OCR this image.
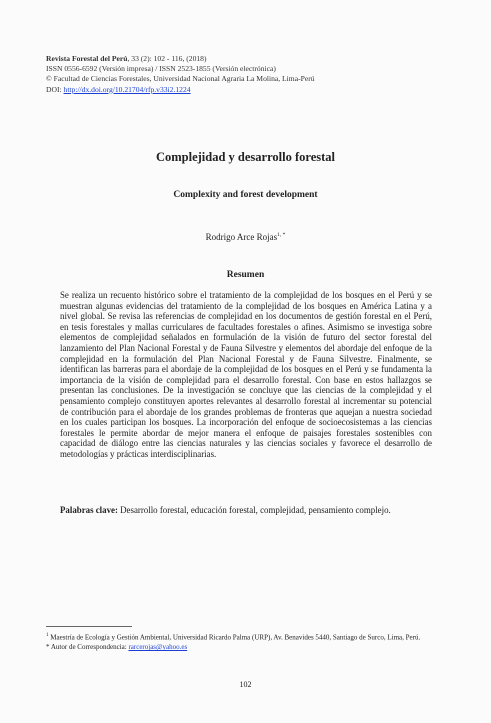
Revista Forestal del Perú, 33 (2): 102 - 116, (2018)
ISSN 0556-6592 (Versión impresa) / ISSN 2523-1855 (Versión electrónica)
© Facultad de Ciencias Forestales, Universidad Nacional Agraria La Molina, Lima-Perú
DOI: http://dx.doi.org/10.21704/rfp.v33i2.1224
Complejidad y desarrollo forestal
Complexity and forest development
Rodrigo Arce Rojas$^{1, *}$
Resumen

Se realiza un recuento histórico sobre el tratamiento de la complejidad de los bosques en el Perú y se muestran algunas evidencias del tratamiento de la complejidad de los bosques en América Latina y a nivel global. Se revisa las referencias de complejidad en los documentos de gestión forestal en el Perú, en tesis forestales y mallas curriculares de facultades forestales o afines. Asimismo se investiga sobre elementos de complejidad señalados en formulación de la visión de futuro del sector forestal del lanzamiento del Plan Nacional Forestal y de Fauna Silvestre y elementos del abordaje del enfoque de la complejidad en la formulación del Plan Nacional Forestal y de Fauna Silvestre. Finalmente, se identifican las barreras para el abordaje de la complejidad de los bosques en el Perú y se fundamenta la importancia de la visión de complejidad para el desarrollo forestal. Con base en estos hallazgos se presentan las conclusiones. De la investigación se concluye que las ciencias de la complejidad y el pensamiento complejo constituyen aportes relevantes al desarrollo forestal al incrementar su potencial de contribución para el abordaje de los grandes problemas de fronteras que aquejan a nuestra sociedad en los cuales participan los bosques. La incorporación del enfoque de socioecosistemas a las ciencias forestales le permite abordar de mejor manera el enfoque de paisajes forestales sostenibles con capacidad de diálogo entre las ciencias naturales y las ciencias sociales y favorece el desarrollo de metodologías y prácticas interdisciplinarias.

Palabras clave: Desarrollo forestal, educación forestal, complejidad, pensamiento complejo.

$^1$ Maestría de Ecología y Gestión Ambiental, Universidad Ricardo Palma (URP), Av. Benavides 5440, Santiago de Surco, Lima, Perú.

* Autor de Correspondencia: rarcerojas@yahoo.es

102
